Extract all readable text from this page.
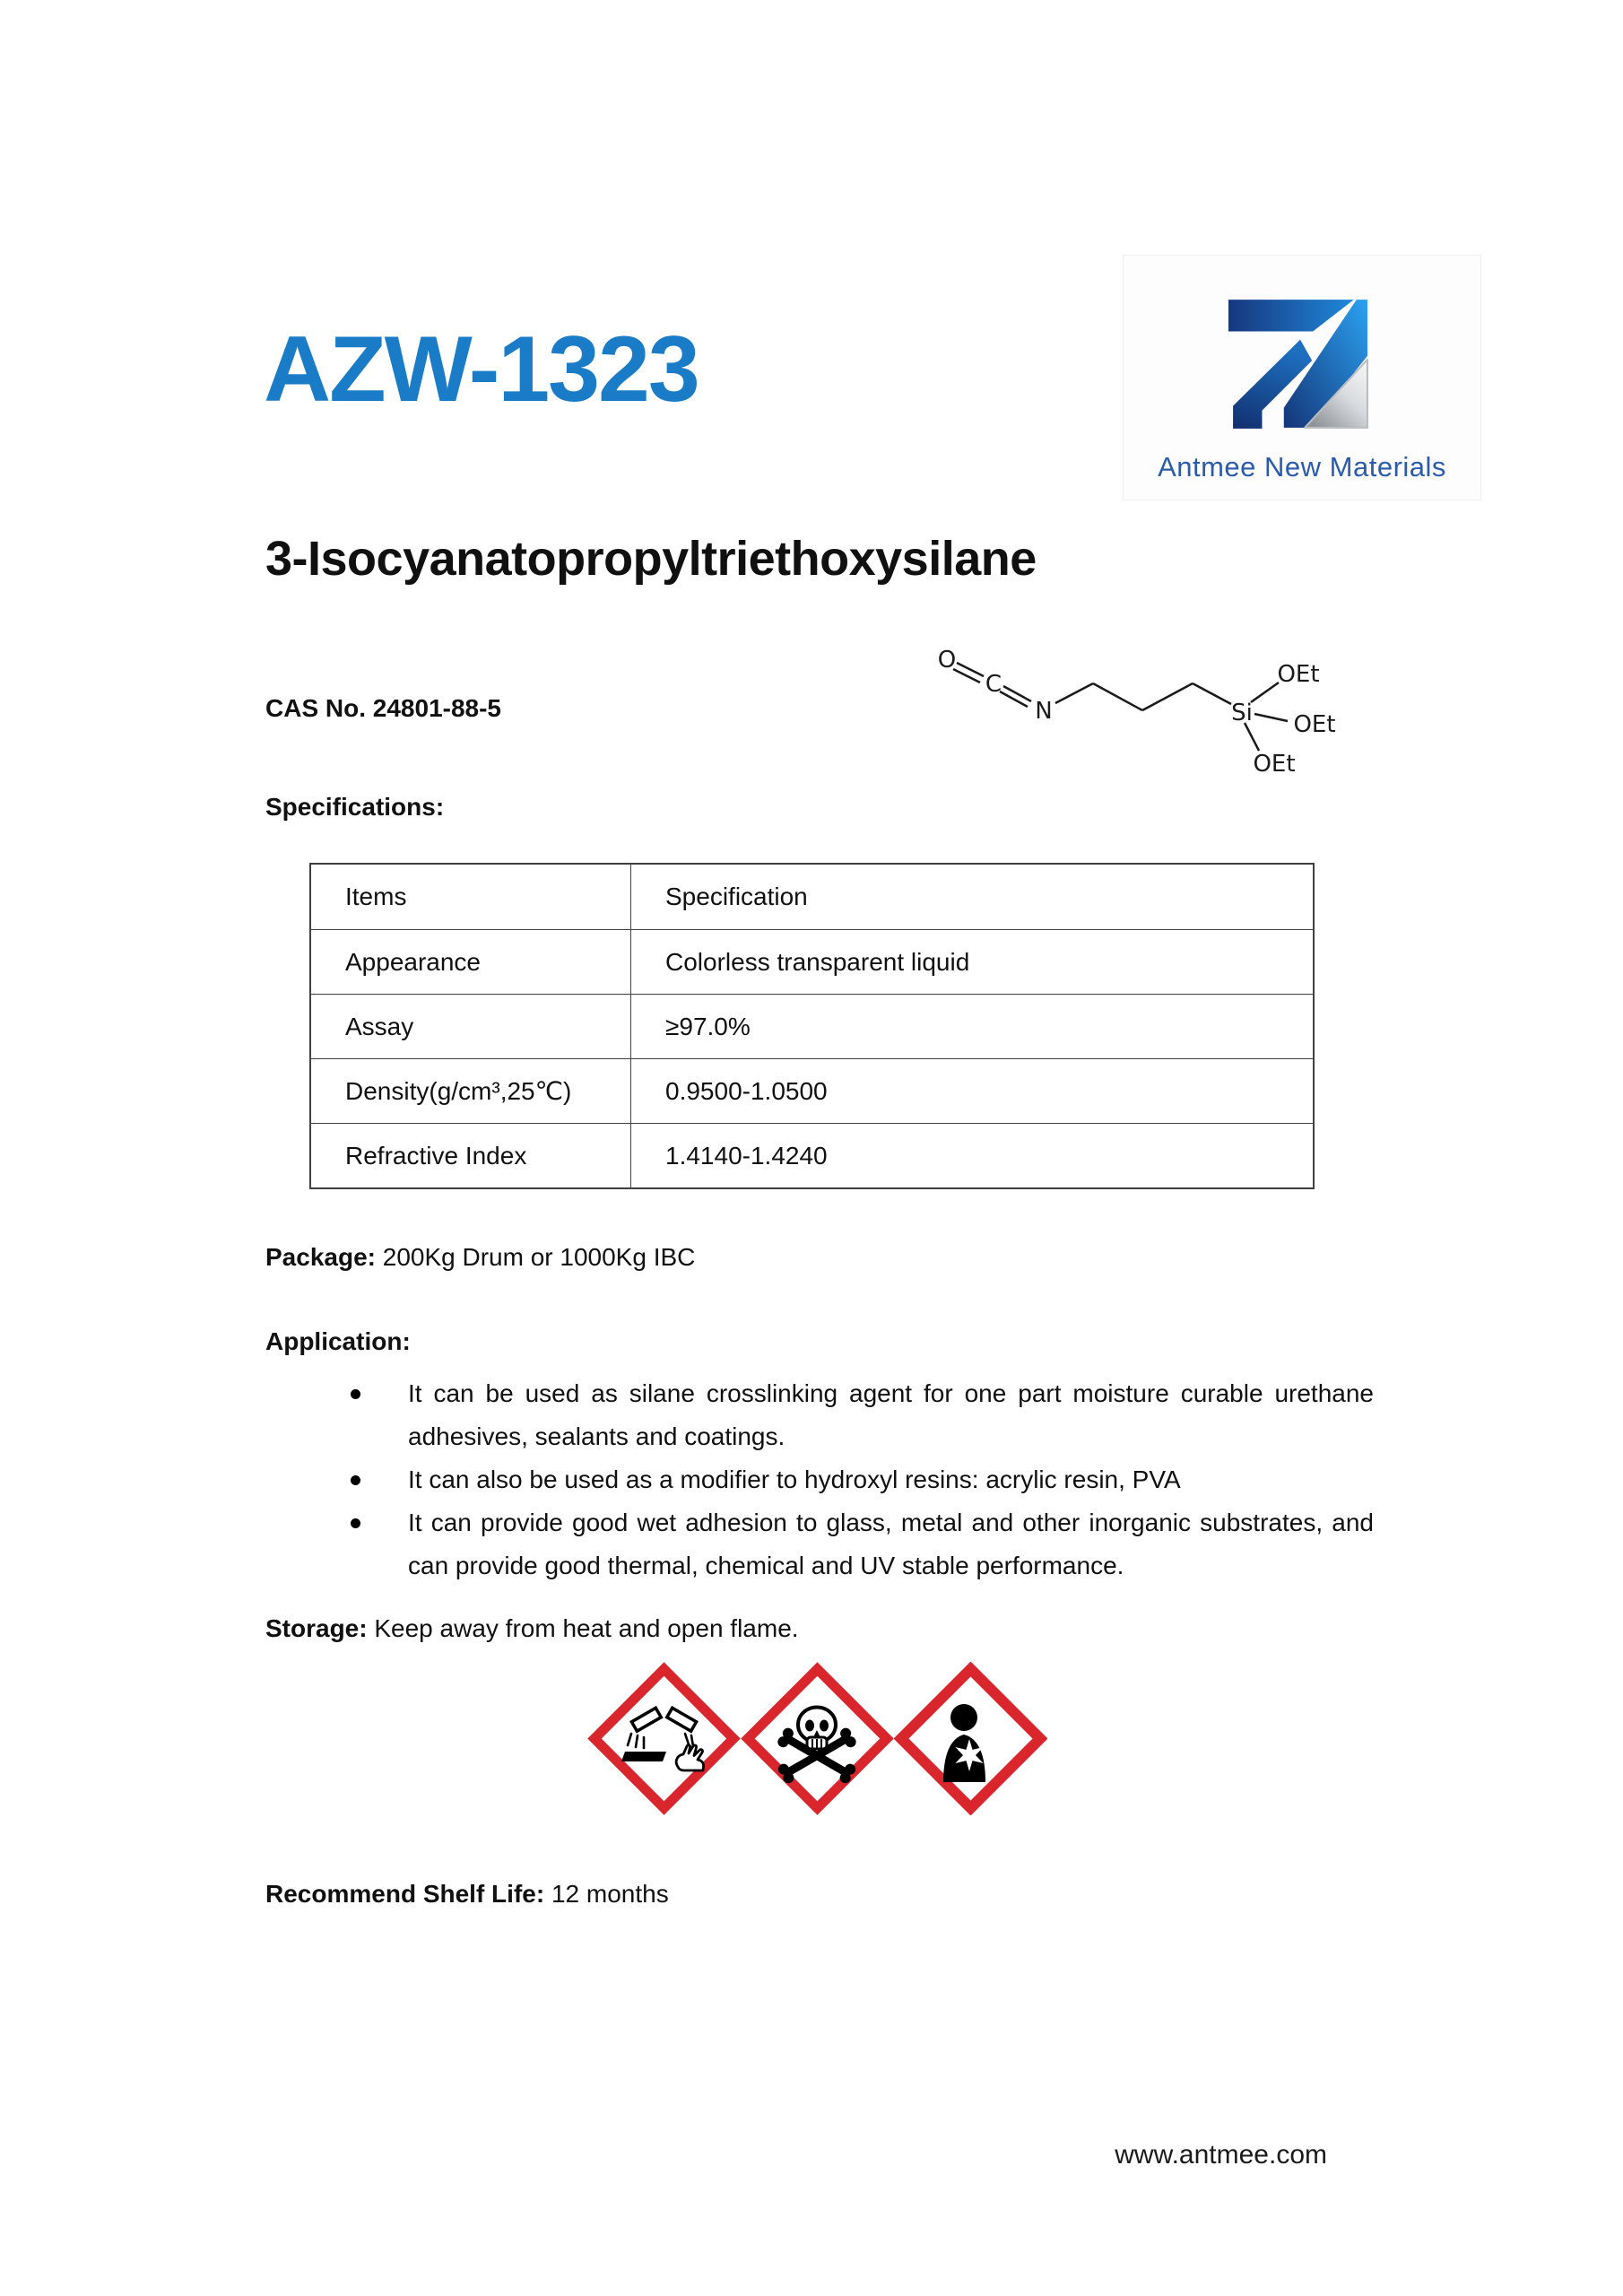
AZW-1323
Antmee New Materials
3-Isocyanatopropyltriethoxysilane
O
C
N	Si
OEt
OEt
OEt
CAS No. 24801-88-5
Specifications:
Items	Specification
Appearance	Colorless transparent liquid
Assay	≥97.0%
Density(g/cm³,25℃)	0.9500-1.0500
Refractive Index	1.4140-1.4240
Package: 200Kg Drum or 1000Kg IBC
Application:
It can be used as silane crosslinking agent for one part moisture curable urethane adhesives, sealants and coatings.
It can also be used as a modifier to hydroxyl resins: acrylic resin, PVA
It can provide good wet adhesion to glass, metal and other inorganic substrates, and can provide good thermal, chemical and UV stable performance.
Storage: Keep away from heat and open flame.
Recommend Shelf Life: 12 months
www.antmee.com
